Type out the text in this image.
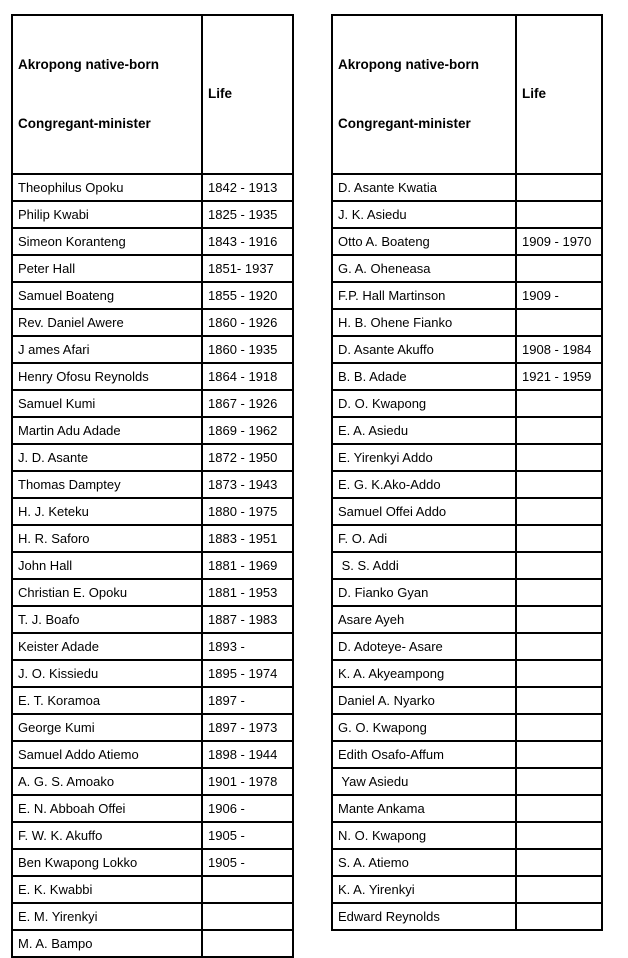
Akropong native-born

Congregant-minister	Life
Theophilus Opoku	1842 - 1913
Philip Kwabi	1825 - 1935
Simeon Koranteng	1843 - 1916
Peter Hall	1851- 1937
Samuel Boateng	1855 - 1920
Rev. Daniel Awere	1860 - 1926
J ames Afari	1860 - 1935
Henry Ofosu Reynolds	1864 - 1918
Samuel Kumi	1867 - 1926
Martin Adu Adade	1869 - 1962
J. D. Asante	1872 - 1950
Thomas Damptey	1873 - 1943
H. J. Keteku	1880 - 1975
H. R. Saforo	1883 - 1951
John Hall	1881 - 1969
Christian E. Opoku	1881 - 1953
T. J. Boafo	1887 - 1983
Keister Adade	1893 -
J. O. Kissiedu	1895 - 1974
E. T. Koramoa	1897 -
George Kumi	1897 - 1973
Samuel Addo Atiemo	1898 - 1944
A. G. S. Amoako	1901 - 1978
E. N. Abboah Offei	1906 -
F. W. K. Akuffo	1905 -
Ben Kwapong Lokko	1905 -
E. K. Kwabbi	
E. M. Yirenkyi	
M. A. Bampo	

Akropong native-born

Congregant-minister	Life
D. Asante Kwatia	
J. K. Asiedu	
Otto A. Boateng	1909 - 1970
G. A. Oheneasa	
F.P. Hall Martinson	1909 -
H. B. Ohene Fianko	
D. Asante Akuffo	1908 - 1984
B. B. Adade	1921 - 1959
D. O. Kwapong	
E. A. Asiedu	
E. Yirenkyi Addo	
E. G. K.Ako-Addo	
Samuel Offei Addo	
F. O. Adi	
S. S. Addi	
D. Fianko Gyan	
Asare Ayeh	
D. Adoteye- Asare	
K. A. Akyeampong	
Daniel A. Nyarko	
G. O. Kwapong	
Edith Osafo-Affum	
Yaw Asiedu	
Mante Ankama	
N. O. Kwapong	
S. A. Atiemo	
K. A. Yirenkyi	
Edward Reynolds	
